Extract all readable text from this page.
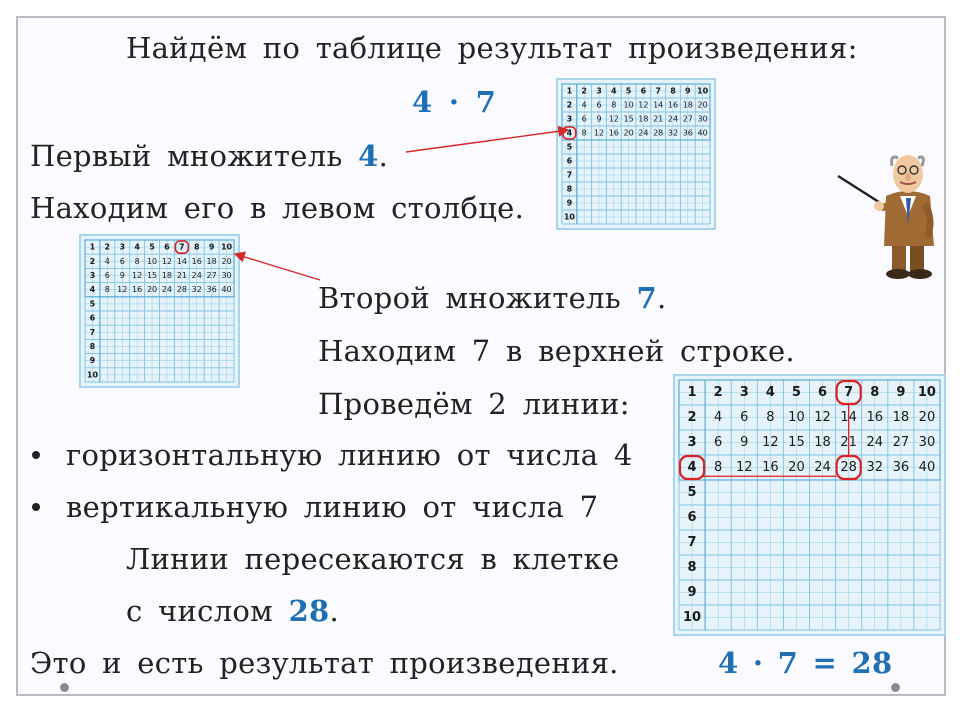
Найдём по таблице результат произведения:
4 · 7
Первый множитель 4.
Находим его в левом столбце.
Второй множитель 7.
Находим 7 в верхней строке.
Проведём 2 линии:
горизонтальную линию от числа 4
вертикальную линию от числа 7
Линии пересекаются в клетке
с числом 28.
Это и есть результат произведения.	4 · 7 = 28
1 2 3 4 5 6 7 8 9 10
4 6 8 10 12 14 16 18 20
6 9 12 15 18 21 24 27 30
8 12 16 20 24 28 32 36 40
5
6
7
8
9
10
2
3
4
1 2 3 4 5 6 7 8 9 10
4 6 8 10 12 14 16 18 20
6 9 12 15 18 21 24 27 30
8 12 16 20 24 28 32 36 40
5
6
7
8
9
10
2
3
4
1 2 3 4 5 6 7 8 9 10
4 6 8 10 12 14 16 18 20
6 9 12 15 18 21 24 27 30
8 12 16 20 24 28 32 36 40
5
6
7
8
9
10
2
3
4
